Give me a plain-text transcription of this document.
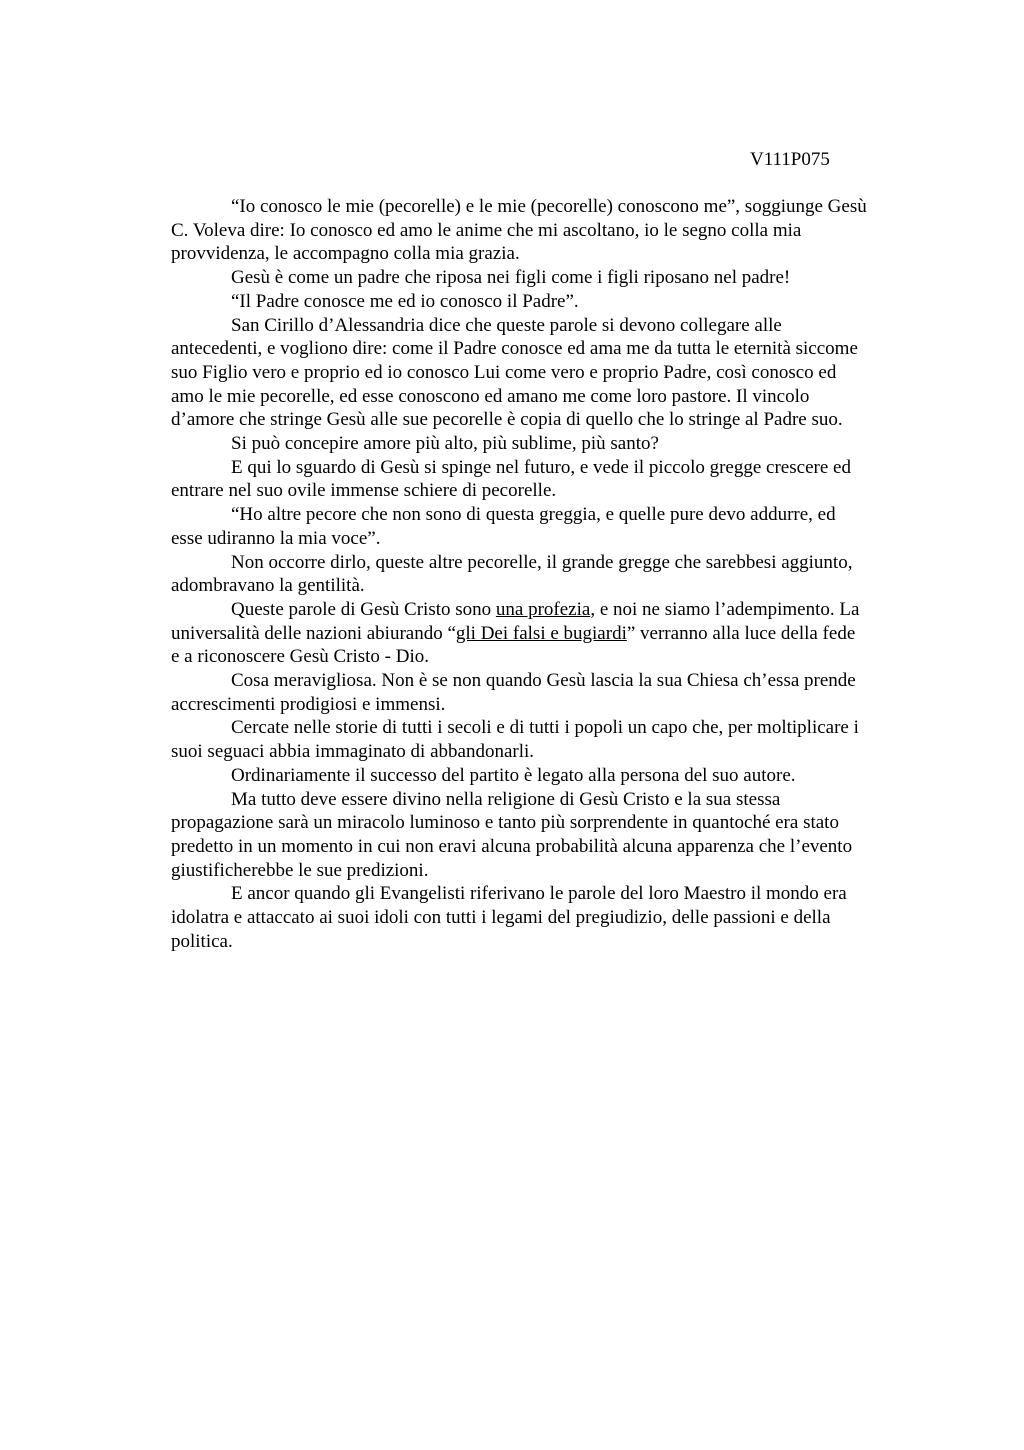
V111P075

“Io conosco le mie (pecorelle) e le mie (pecorelle) conoscono me”, soggiunge Gesù
C. Voleva dire: Io conosco ed amo le anime che mi ascoltano, io le segno colla mia
provvidenza, le accompagno colla mia grazia.

Gesù è come un padre che riposa nei figli come i figli riposano nel padre!

“Il Padre conosce me ed io conosco il Padre”.

San Cirillo d’Alessandria dice che queste parole si devono collegare alle
antecedenti, e vogliono dire: come il Padre conosce ed ama me da tutta le eternità siccome
suo Figlio vero e proprio ed io conosco Lui come vero e proprio Padre, così conosco ed
amo le mie pecorelle, ed esse conoscono ed amano me come loro pastore. Il vincolo
d’amore che stringe Gesù alle sue pecorelle è copia di quello che lo stringe al Padre suo.

Si può concepire amore più alto, più sublime, più santo?

E qui lo sguardo di Gesù si spinge nel futuro, e vede il piccolo gregge crescere ed
entrare nel suo ovile immense schiere di pecorelle.

“Ho altre pecore che non sono di questa greggia, e quelle pure devo addurre, ed
esse udiranno la mia voce”.

Non occorre dirlo, queste altre pecorelle, il grande gregge che sarebbesi aggiunto,
adombravano la gentilità.

Queste parole di Gesù Cristo sono una profezia, e noi ne siamo l’adempimento. La
universalità delle nazioni abiurando “gli Dei falsi e bugiardi” verranno alla luce della fede
e a riconoscere Gesù Cristo - Dio.

Cosa meravigliosa. Non è se non quando Gesù lascia la sua Chiesa ch’essa prende
accrescimenti prodigiosi e immensi.

Cercate nelle storie di tutti i secoli e di tutti i popoli un capo che, per moltiplicare i
suoi seguaci abbia immaginato di abbandonarli.

Ordinariamente il successo del partito è legato alla persona del suo autore.

Ma tutto deve essere divino nella religione di Gesù Cristo e la sua stessa
propagazione sarà un miracolo luminoso e tanto più sorprendente in quantoché era stato
predetto in un momento in cui non eravi alcuna probabilità alcuna apparenza che l’evento
giustificherebbe le sue predizioni.

E ancor quando gli Evangelisti riferivano le parole del loro Maestro il mondo era
idolatra e attaccato ai suoi idoli con tutti i legami del pregiudizio, delle passioni e della
politica.
